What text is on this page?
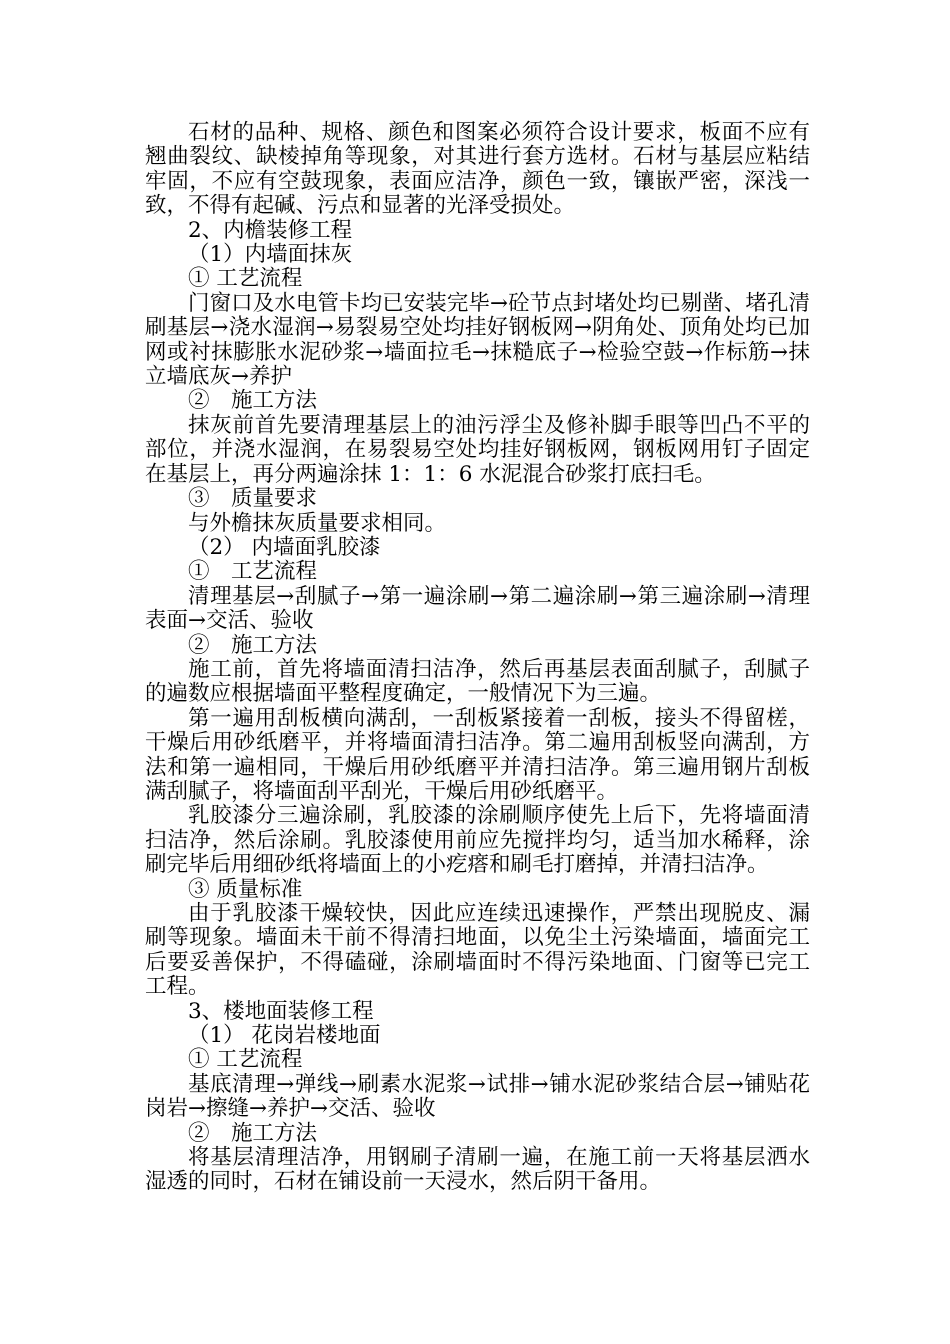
石材的品种、规格、颜色和图案必须符合设计要求，板面不应有翘曲裂纹、缺棱掉角等现象，对其进行套方选材。石材与基层应粘结牢固，不应有空鼓现象，表面应洁净，颜色一致，镶嵌严密，深浅一致，不得有起碱、污点和显著的光泽受损处。

2、内檐装修工程

（1）内墙面抹灰

① 工艺流程

门窗口及水电管卡均已安装完毕→砼节点封堵处均已剔凿、堵孔清刷基层→浇水湿润→易裂易空处均挂好钢板网→阴角处、顶角处均已加网或衬抹膨胀水泥砂浆→墙面拉毛→抹糙底子→检验空鼓→作标筋→抹立墙底灰→养护

②　施工方法

抹灰前首先要清理基层上的油污浮尘及修补脚手眼等凹凸不平的部位，并浇水湿润，在易裂易空处均挂好钢板网，钢板网用钉子固定在基层上，再分两遍涂抹 1：1：6 水泥混合砂浆打底扫毛。

③　质量要求

与外檐抹灰质量要求相同。

（2） 内墙面乳胶漆

①　工艺流程

清理基层→刮腻子→第一遍涂刷→第二遍涂刷→第三遍涂刷→清理表面→交活、验收

②　施工方法

施工前，首先将墙面清扫洁净，然后再基层表面刮腻子，刮腻子的遍数应根据墙面平整程度确定，一般情况下为三遍。

第一遍用刮板横向满刮，一刮板紧接着一刮板，接头不得留槎，干燥后用砂纸磨平，并将墙面清扫洁净。第二遍用刮板竖向满刮，方法和第一遍相同，干燥后用砂纸磨平并清扫洁净。第三遍用钢片刮板满刮腻子，将墙面刮平刮光，干燥后用砂纸磨平。

乳胶漆分三遍涂刷，乳胶漆的涂刷顺序使先上后下，先将墙面清扫洁净，然后涂刷。乳胶漆使用前应先搅拌均匀，适当加水稀释，涂刷完毕后用细砂纸将墙面上的小疙瘩和刷毛打磨掉，并清扫洁净。

③ 质量标准

由于乳胶漆干燥较快，因此应连续迅速操作，严禁出现脱皮、漏刷等现象。墙面未干前不得清扫地面，以免尘土污染墙面，墙面完工后要妥善保护，不得磕碰，涂刷墙面时不得污染地面、门窗等已完工工程。

3、楼地面装修工程

（1） 花岗岩楼地面

① 工艺流程

基底清理→弹线→刷素水泥浆→试排→铺水泥砂浆结合层→铺贴花岗岩→擦缝→养护→交活、验收

②　施工方法

将基层清理洁净，用钢刷子清刷一遍，在施工前一天将基层洒水湿透的同时，石材在铺设前一天浸水，然后阴干备用。
